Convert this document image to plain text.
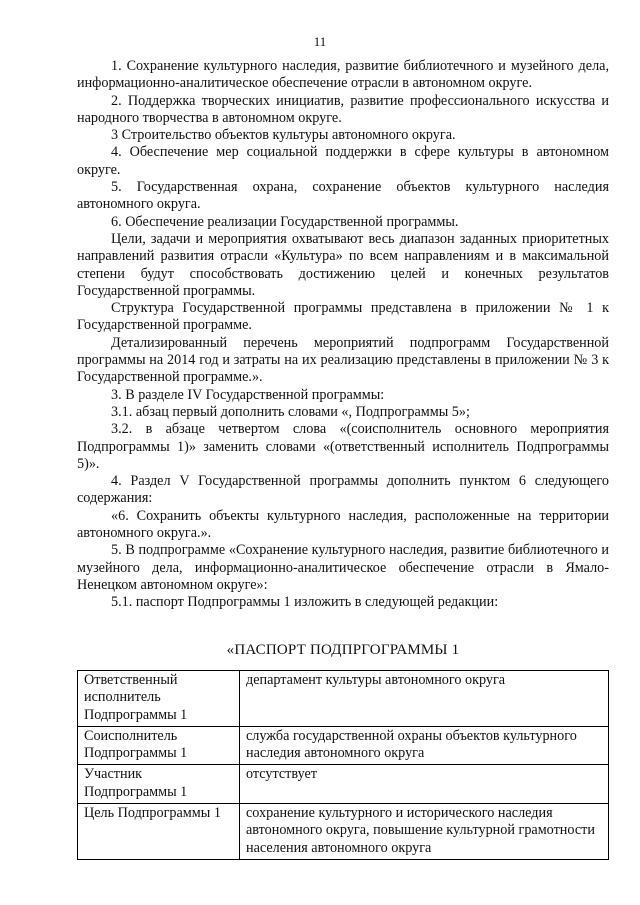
11

1. Сохранение культурного наследия, развитие библиотечного и музейного дела, информационно-аналитическое обеспечение отрасли в автономном округе.

2. Поддержка творческих инициатив, развитие профессионального искусства и народного творчества в автономном округе.

3 Строительство объектов культуры автономного округа.

4. Обеспечение мер социальной поддержки в сфере культуры в автономном округе.

5. Государственная охрана, сохранение объектов культурного наследия автономного округа.

6. Обеспечение реализации Государственной программы.

Цели, задачи и мероприятия охватывают весь диапазон заданных приоритетных направлений развития отрасли «Культура» по всем направлениям и в максимальной степени будут способствовать достижению целей и конечных результатов Государственной программы.

Структура Государственной программы представлена в приложении № 1 к Государственной программе.

Детализированный перечень мероприятий подпрограмм Государственной программы на 2014 год и затраты на их реализацию представлены в приложении № 3 к Государственной программе.».

3. В разделе IV Государственной программы:

3.1. абзац первый дополнить словами «, Подпрограммы 5»;

3.2. в абзаце четвертом слова «(соисполнитель основного мероприятия Подпрограммы 1)» заменить словами «(ответственный исполнитель Подпрограммы 5)».

4. Раздел V Государственной программы дополнить пунктом 6 следующего содержания:

«6. Сохранить объекты культурного наследия, расположенные на территории автономного округа.».

5. В подпрограмме «Сохранение культурного наследия, развитие библиотечного и музейного дела, информационно-аналитическое обеспечение отрасли в Ямало-Ненецком автономном округе»:

5.1. паспорт Подпрограммы 1 изложить в следующей редакции:

«ПАСПОРТ ПОДПРГОГРАММЫ 1
Ответственный исполнитель Подпрограммы 1	департамент культуры автономного округа
Соисполнитель Подпрограммы 1	служба государственной охраны объектов культурного наследия автономного округа
Участник Подпрограммы 1	отсутствует
Цель Подпрограммы 1	сохранение культурного и исторического наследия автономного округа, повышение культурной грамотности населения автономного округа
